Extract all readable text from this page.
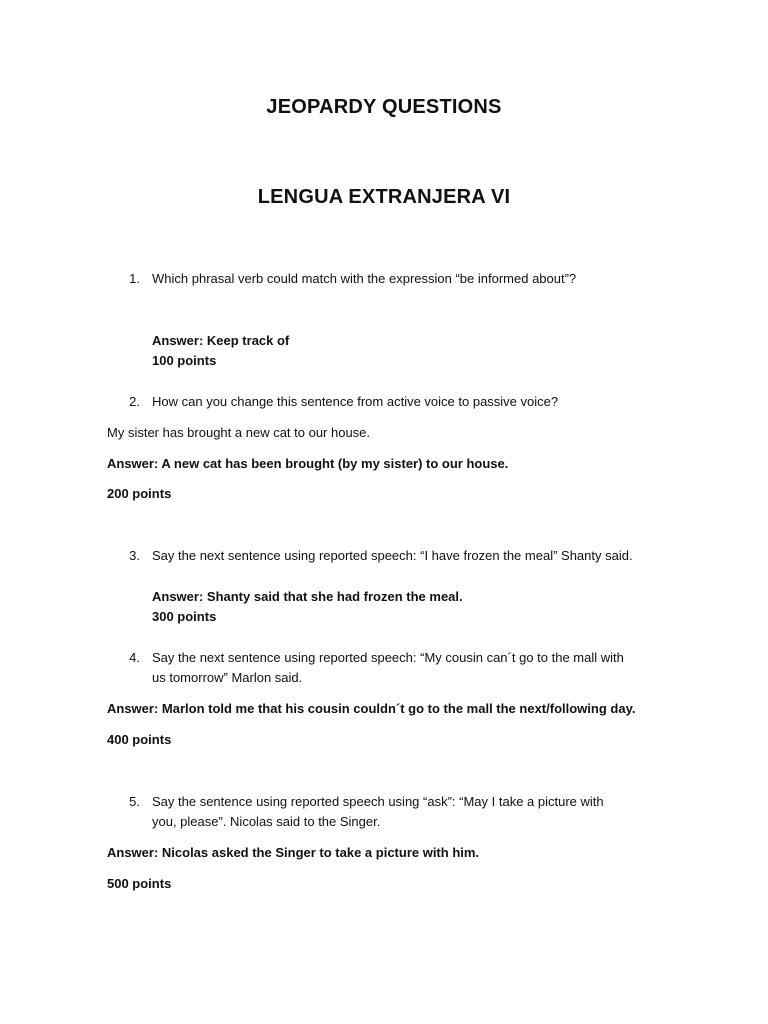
JEOPARDY QUESTIONS
LENGUA EXTRANJERA VI
1. Which phrasal verb could match with the expression “be informed about”?

Answer: Keep track of

100 points

2. How can you change this sentence from active voice to passive voice?

My sister has brought a new cat to our house.

Answer: A new cat has been brought (by my sister) to our house.

200 points

3. Say the next sentence using reported speech: “I have frozen the meal” Shanty said.

Answer: Shanty said that she had frozen the meal.

300 points

4. Say the next sentence using reported speech: “My cousin can´t go to the mall with

us tomorrow” Marlon said.

Answer: Marlon told me that his cousin couldn´t go to the mall the next/following day.

400 points

5. Say the sentence using reported speech using “ask”: “May I take a picture with

you, please”. Nicolas said to the Singer.

Answer: Nicolas asked the Singer to take a picture with him.

500 points
